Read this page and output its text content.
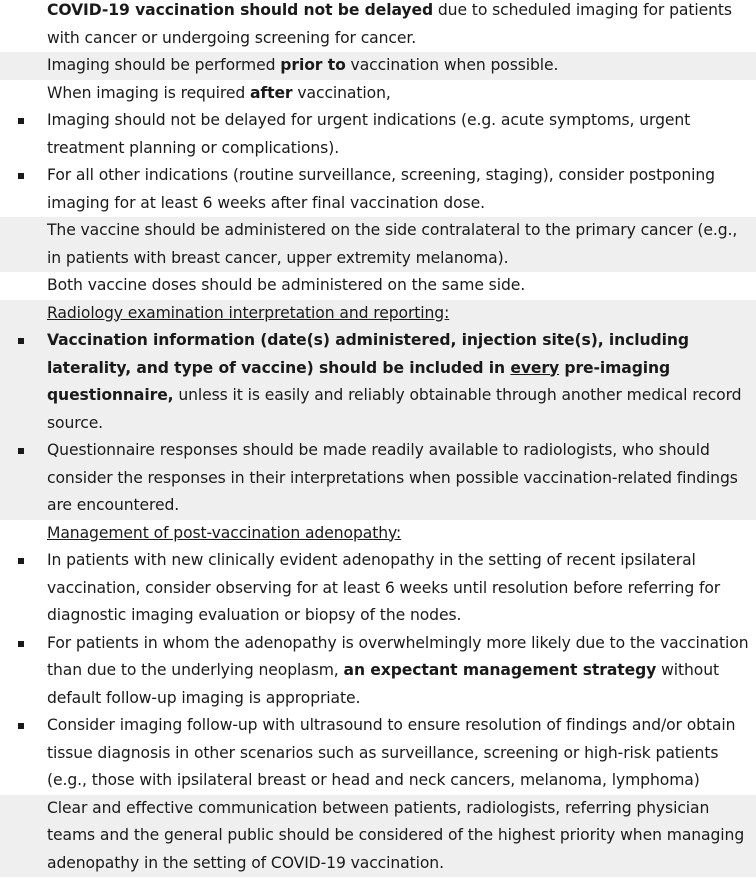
COVID-19 vaccination should not be delayed due to scheduled imaging for patients with cancer or undergoing screening for cancer.
Imaging should be performed prior to vaccination when possible.
When imaging is required after vaccination,
Imaging should not be delayed for urgent indications (e.g. acute symptoms, urgent treatment planning or complications).
For all other indications (routine surveillance, screening, staging), consider postponing imaging for at least 6 weeks after final vaccination dose.
The vaccine should be administered on the side contralateral to the primary cancer (e.g., in patients with breast cancer, upper extremity melanoma).
Both vaccine doses should be administered on the same side.
Radiology examination interpretation and reporting:
Vaccination information (date(s) administered, injection site(s), including laterality, and type of vaccine) should be included in every pre-imaging questionnaire, unless it is easily and reliably obtainable through another medical record source.
Questionnaire responses should be made readily available to radiologists, who should consider the responses in their interpretations when possible vaccination-related findings are encountered.
Management of post-vaccination adenopathy:
In patients with new clinically evident adenopathy in the setting of recent ipsilateral vaccination, consider observing for at least 6 weeks until resolution before referring for diagnostic imaging evaluation or biopsy of the nodes.
For patients in whom the adenopathy is overwhelmingly more likely due to the vaccination than due to the underlying neoplasm, an expectant management strategy without default follow-up imaging is appropriate.
Consider imaging follow-up with ultrasound to ensure resolution of findings and/or obtain tissue diagnosis in other scenarios such as surveillance, screening or high-risk patients (e.g., those with ipsilateral breast or head and neck cancers, melanoma, lymphoma)
Clear and effective communication between patients, radiologists, referring physician teams and the general public should be considered of the highest priority when managing adenopathy in the setting of COVID-19 vaccination.
